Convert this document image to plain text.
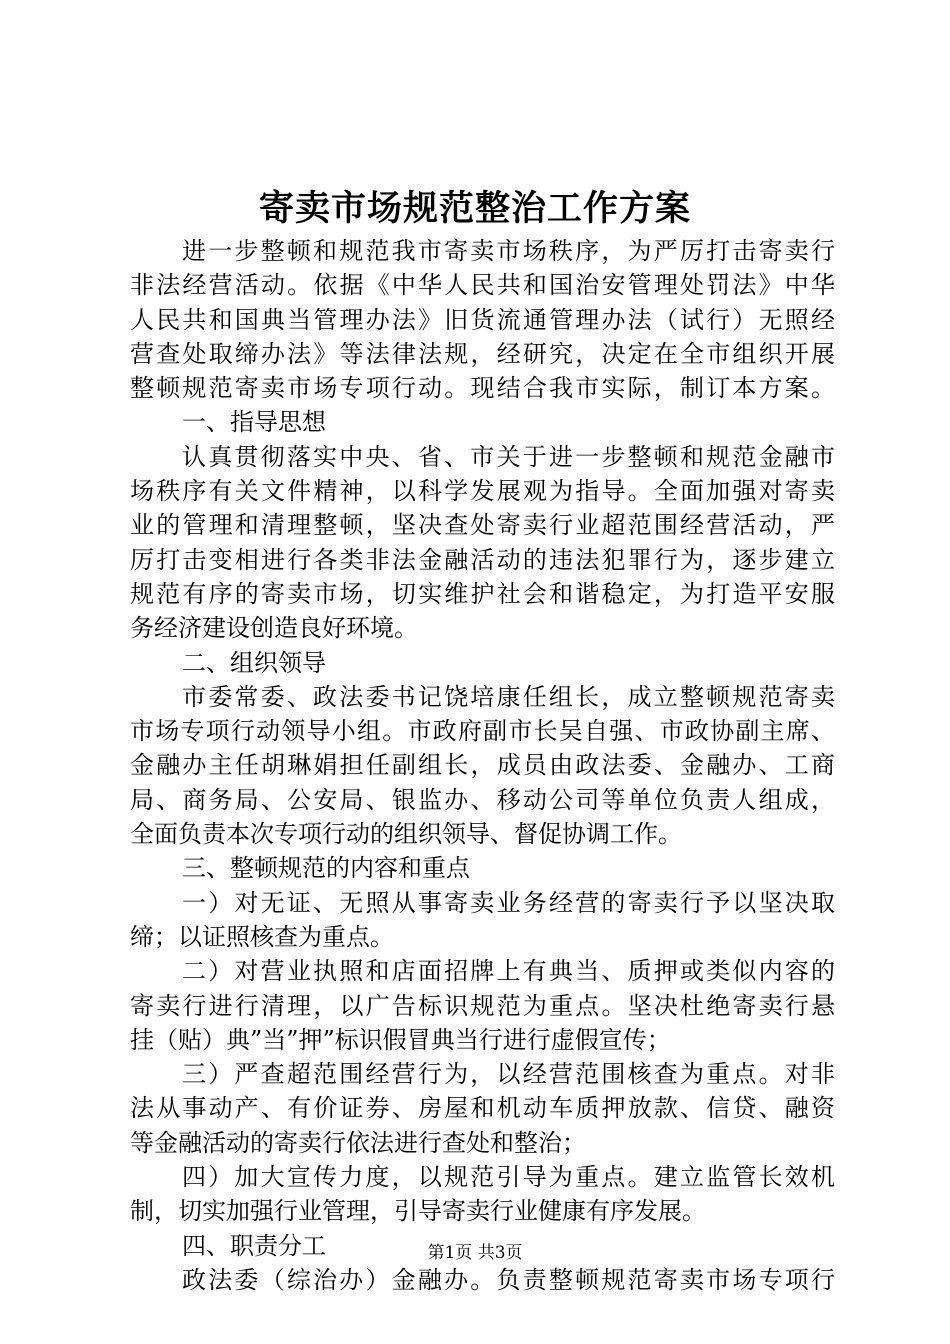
寄卖市场规范整治工作方案
进一步整顿和规范我市寄卖市场秩序，为严厉打击寄卖行
非法经营活动。依据《中华人民共和国治安管理处罚法》中华
人民共和国典当管理办法》旧货流通管理办法（试行）无照经
营查处取缔办法》等法律法规，经研究，决定在全市组织开展
整顿规范寄卖市场专项行动。现结合我市实际，制订本方案。
一、指导思想
认真贯彻落实中央、省、市关于进一步整顿和规范金融市
场秩序有关文件精神，以科学发展观为指导。全面加强对寄卖
业的管理和清理整顿，坚决查处寄卖行业超范围经营活动，严
厉打击变相进行各类非法金融活动的违法犯罪行为，逐步建立
规范有序的寄卖市场，切实维护社会和谐稳定，为打造平安服
务经济建设创造良好环境。
二、组织领导
市委常委、政法委书记饶培康任组长，成立整顿规范寄卖
市场专项行动领导小组。市政府副市长吴自强、市政协副主席、
金融办主任胡琳娟担任副组长，成员由政法委、金融办、工商
局、商务局、公安局、银监办、移动公司等单位负责人组成，
全面负责本次专项行动的组织领导、督促协调工作。
三、整顿规范的内容和重点
一）对无证、无照从事寄卖业务经营的寄卖行予以坚决取
缔；以证照核查为重点。
二）对营业执照和店面招牌上有典当、质押或类似内容的
寄卖行进行清理，以广告标识规范为重点。坚决杜绝寄卖行悬
挂（贴）典”当”押”标识假冒典当行进行虚假宣传；
三）严查超范围经营行为，以经营范围核查为重点。对非
法从事动产、有价证券、房屋和机动车质押放款、信贷、融资
等金融活动的寄卖行依法进行查处和整治；
四）加大宣传力度，以规范引导为重点。建立监管长效机
制，切实加强行业管理，引导寄卖行业健康有序发展。
四、职责分工
政法委（综治办）金融办。负责整顿规范寄卖市场专项行
第1页 共3页
